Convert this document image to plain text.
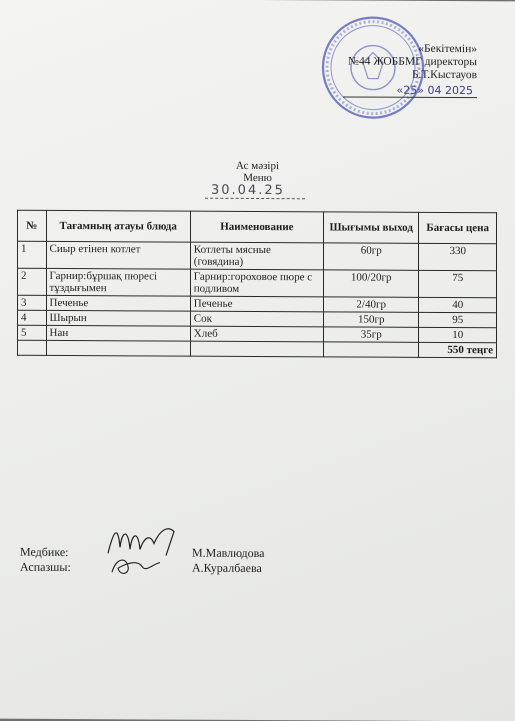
«Бекітемін»
№44 ЖОББМГ директоры
Б.Т.Кыстауов
«25» 04 2025
Ас мәзірі
Меню
30.04.25
№	Тағамның атауы блюда	Наименование	Шығымы выход	Бағасы цена
1	Сиыр етінен котлет	Котлеты мясные (говядина)	60гр	330
2	Гарнир:бұршақ пюресі тұздығымен	Гарнир:гороховое пюре с подливом	100/20гр	75
3	Печенье	Печенье	2/40гр	40
4	Шырын	Сок	150гр	95
5	Нан	Хлеб	35гр	10
				550 теңге
Медбике:	М.Мавлюдова
Аспазшы:	А.Куралбаева
